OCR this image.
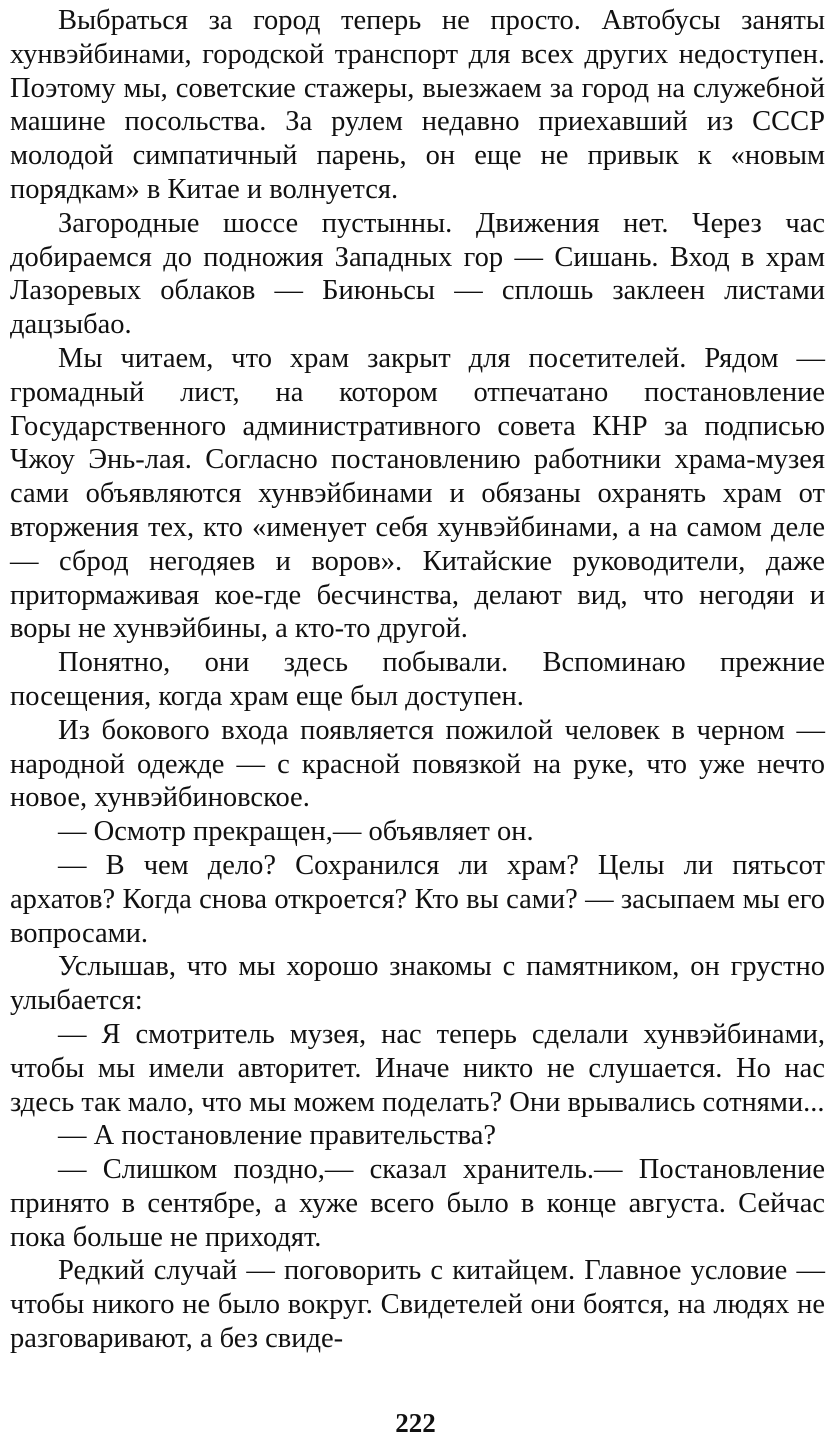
Выбраться за город теперь не просто. Автобусы заняты хунвэйбинами, городской транспорт для всех других недоступен. Поэтому мы, советские стажеры, выезжаем за город на служебной машине посольства. За рулем недавно приехавший из СССР молодой симпатичный парень, он еще не привык к «новым порядкам» в Китае и волнуется.

Загородные шоссе пустынны. Движения нет. Через час добираемся до подножия Западных гор — Сишань. Вход в храм Лазоревых облаков — Биюньсы — сплошь заклеен листами дацзыбао.

Мы читаем, что храм закрыт для посетителей. Рядом — громадный лист, на котором отпечатано постановление Государственного административного совета КНР за подписью Чжоу Энь-лая. Согласно постановлению работники храма-музея сами объявляются хунвэйбинами и обязаны охранять храм от вторжения тех, кто «именует себя хунвэйбинами, а на самом деле — сброд негодяев и воров». Китайские руководители, даже притормаживая кое-где бесчинства, делают вид, что негодяи и воры не хунвэйбины, а кто-то другой.

Понятно, они здесь побывали. Вспоминаю прежние посещения, когда храм еще был доступен.

Из бокового входа появляется пожилой человек в черном — народной одежде — с красной повязкой на руке, что уже нечто новое, хунвэйбиновское.

— Осмотр прекращен,— объявляет он.

— В чем дело? Сохранился ли храм? Целы ли пятьсот архатов? Когда снова откроется? Кто вы сами? — засыпаем мы его вопросами.

Услышав, что мы хорошо знакомы с памятником, он грустно улыбается:

— Я смотритель музея, нас теперь сделали хунвэйбинами, чтобы мы имели авторитет. Иначе никто не слушается. Но нас здесь так мало, что мы можем поделать? Они врывались сотнями...

— А постановление правительства?

— Слишком поздно,— сказал хранитель.— Постановление принято в сентябре, а хуже всего было в конце августа. Сейчас пока больше не приходят.

Редкий случай — поговорить с китайцем. Главное условие — чтобы никого не было вокруг. Свидетелей они боятся, на людях не разговаривают, а без свиде-

222
